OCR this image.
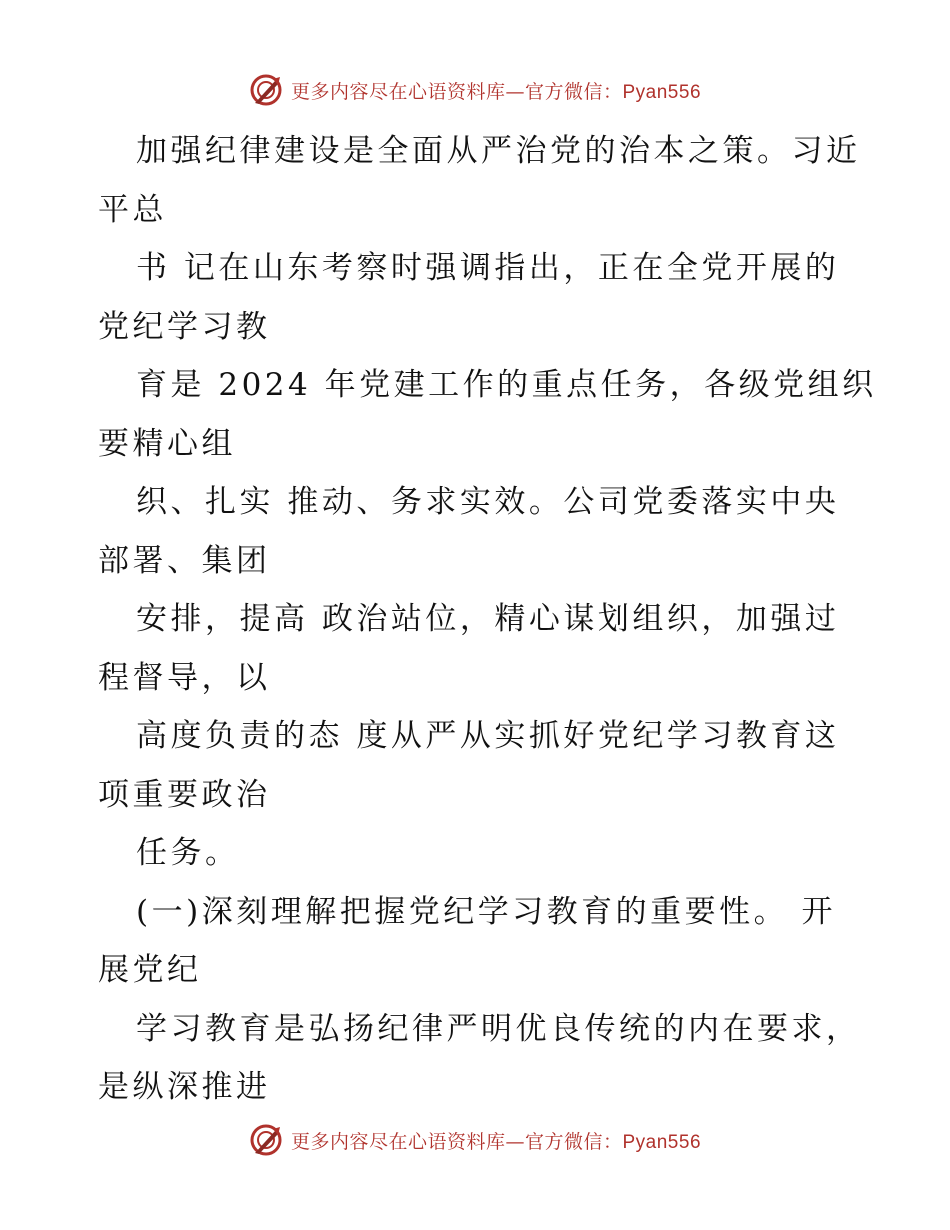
更多内容尽在心语资料库—官方微信：Pyan556
加强纪律建设是全面从严治党的治本之策。习近
平总
书 记在山东考察时强调指出，正在全党开展的
党纪学习教
育是 2024 年党建工作的重点任务，各级党组织
要精心组
织、扎实 推动、务求实效。公司党委落实中央
部署、集团
安排，提高 政治站位，精心谋划组织，加强过
程督导，以
高度负责的态 度从严从实抓好党纪学习教育这
项重要政治
任务。
(一)深刻理解把握党纪学习教育的重要性。 开
展党纪
学习教育是弘扬纪律严明优良传统的内在要求，
是纵深推进
更多内容尽在心语资料库—官方微信：Pyan556
